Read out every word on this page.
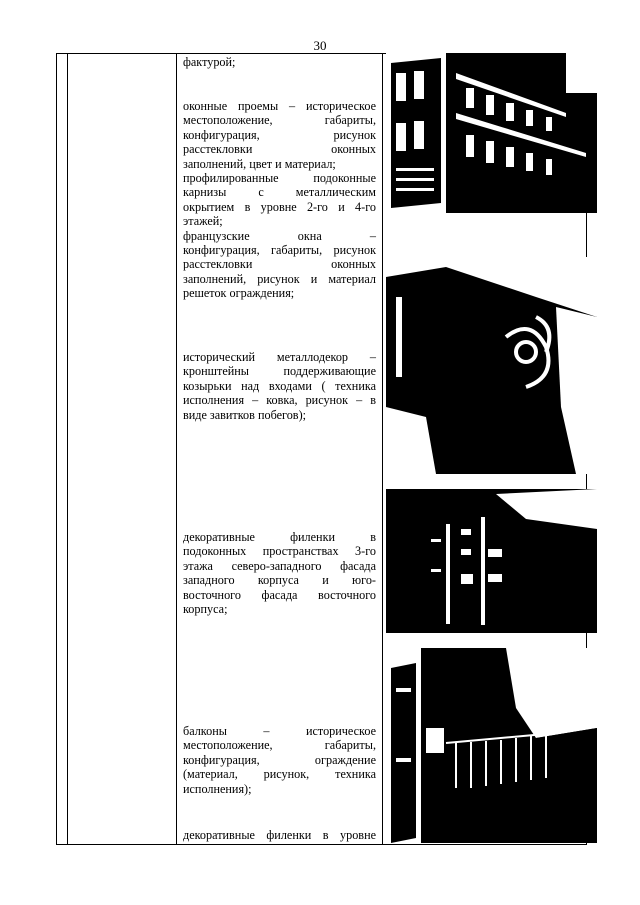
30
фактурой;
оконные проемы – историческое
местоположение, габариты,
конфигурация, рисунок
расстекловки оконных
заполнений, цвет и материал;
профилированные подоконные
карнизы с металлическим
окрытием в уровне 2-го и 4-го
этажей;
французские окна –
конфигурация, габариты, рисунок
расстекловки оконных
заполнений, рисунок и материал
решеток ограждения;
исторический металлодекор –
кронштейны поддерживающие
козырьки над входами ( техника
исполнения – ковка, рисунок – в
виде завитков побегов);
декоративные филенки в
подоконных пространствах 3-го
этажа северо-западного фасада
западного корпуса и юго-
восточного фасада восточного
корпуса;
балконы – историческое
местоположение, габариты,
конфигурация, ограждение
(материал, рисунок, техника
исполнения);
декоративные филенки в уровне
